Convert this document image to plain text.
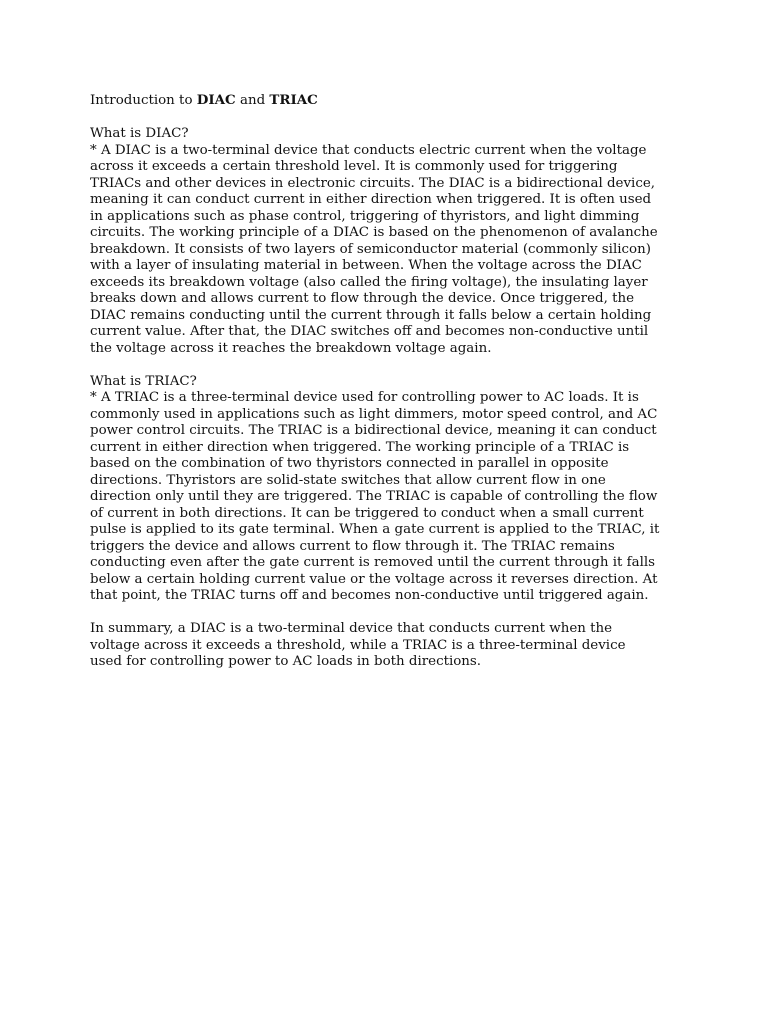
Introduction to DIAC and TRIAC
What is DIAC?
* A DIAC is a two-terminal device that conducts electric current when the voltage
across it exceeds a certain threshold level. It is commonly used for triggering
TRIACs and other devices in electronic circuits. The DIAC is a bidirectional device,
meaning it can conduct current in either direction when triggered. It is often used
in applications such as phase control, triggering of thyristors, and light dimming
circuits. The working principle of a DIAC is based on the phenomenon of avalanche
breakdown. It consists of two layers of semiconductor material (commonly silicon)
with a layer of insulating material in between. When the voltage across the DIAC
exceeds its breakdown voltage (also called the firing voltage), the insulating layer
breaks down and allows current to flow through the device. Once triggered, the
DIAC remains conducting until the current through it falls below a certain holding
current value. After that, the DIAC switches off and becomes non-conductive until
the voltage across it reaches the breakdown voltage again.
What is TRIAC?
* A TRIAC is a three-terminal device used for controlling power to AC loads. It is
commonly used in applications such as light dimmers, motor speed control, and AC
power control circuits. The TRIAC is a bidirectional device, meaning it can conduct
current in either direction when triggered. The working principle of a TRIAC is
based on the combination of two thyristors connected in parallel in opposite
directions. Thyristors are solid-state switches that allow current flow in one
direction only until they are triggered. The TRIAC is capable of controlling the flow
of current in both directions. It can be triggered to conduct when a small current
pulse is applied to its gate terminal. When a gate current is applied to the TRIAC, it
triggers the device and allows current to flow through it. The TRIAC remains
conducting even after the gate current is removed until the current through it falls
below a certain holding current value or the voltage across it reverses direction. At
that point, the TRIAC turns off and becomes non-conductive until triggered again.
In summary, a DIAC is a two-terminal device that conducts current when the
voltage across it exceeds a threshold, while a TRIAC is a three-terminal device
used for controlling power to AC loads in both directions.
